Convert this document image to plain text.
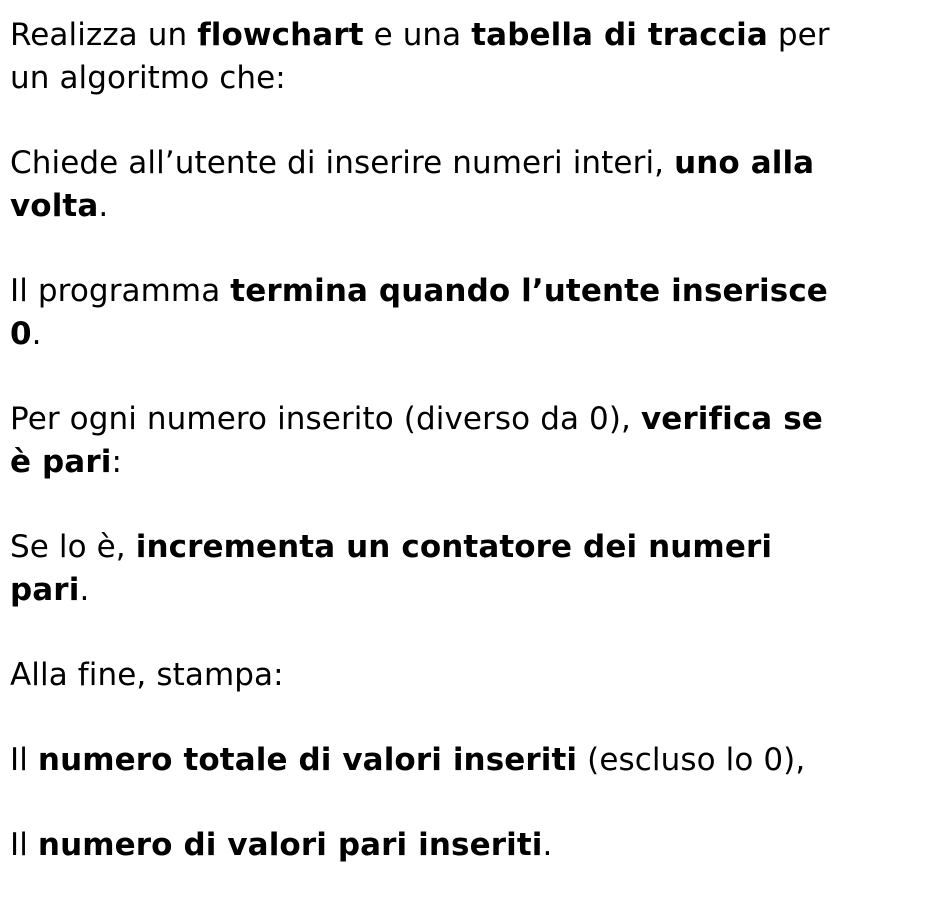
Realizza un flowchart e una tabella di traccia per
un algoritmo che:

Chiede all’utente di inserire numeri interi, uno alla
volta.

Il programma termina quando l’utente inserisce
0.

Per ogni numero inserito (diverso da 0), verifica se
è pari:

Se lo è, incrementa un contatore dei numeri
pari.

Alla fine, stampa:

Il numero totale di valori inseriti (escluso lo 0),

Il numero di valori pari inseriti.
